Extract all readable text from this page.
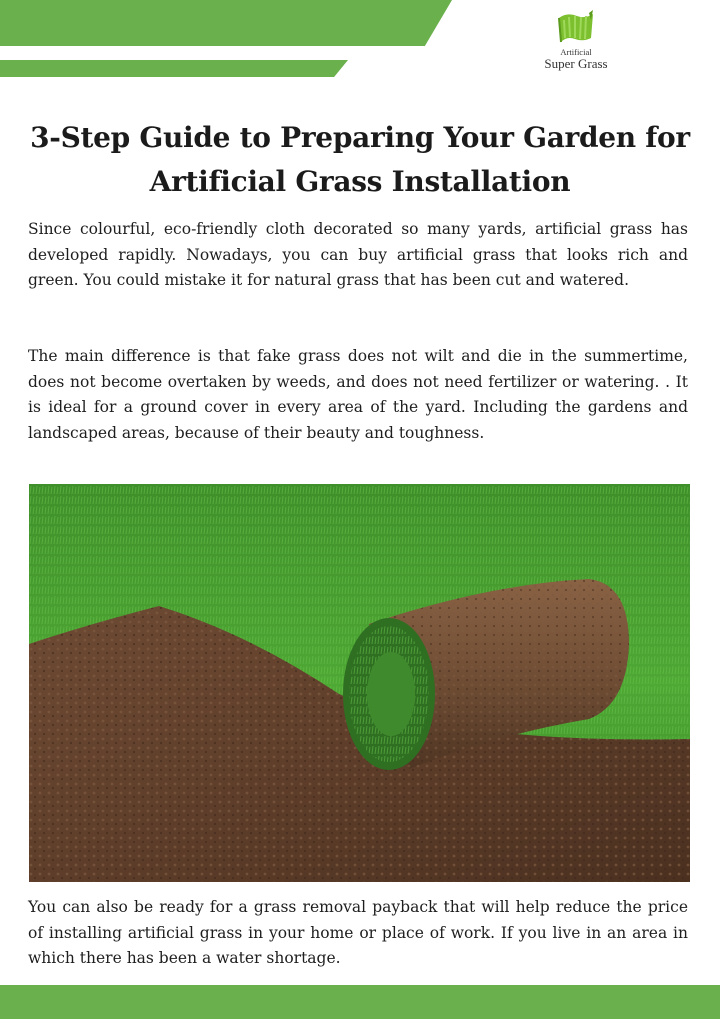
Artificial
Super Grass
3-Step Guide to Preparing Your Garden for Artificial Grass Installation

Since colourful, eco-friendly cloth decorated so many yards, artificial grass has developed rapidly. Nowadays, you can buy artificial grass that looks rich and green. You could mistake it for natural grass that has been cut and watered.

The main difference is that fake grass does not wilt and die in the summertime, does not become overtaken by weeds, and does not need fertilizer or watering. . It is ideal for a ground cover in every area of the yard. Including the gardens and landscaped areas, because of their beauty and toughness.

You can also be ready for a grass removal payback that will help reduce the price of installing artificial grass in your home or place of work. If you live in an area in which there has been a water shortage.
